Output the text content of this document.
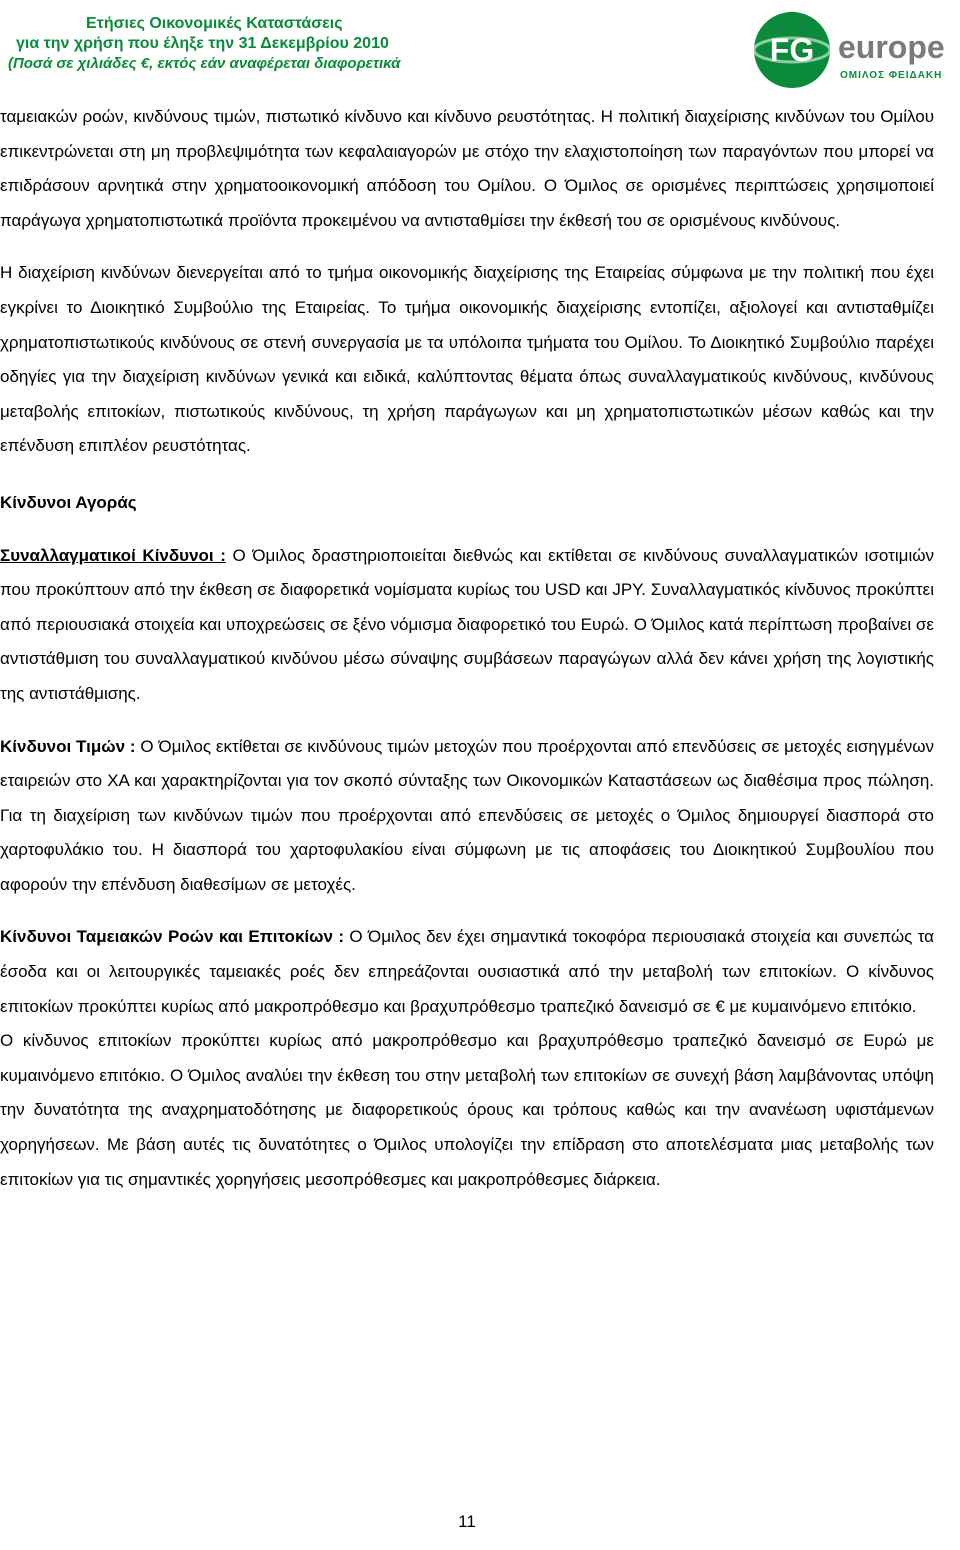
Ετήσιες Οικονομικές Καταστάσεις
για την χρήση που έληξε την 31 Δεκεμβρίου 2010
(Ποσά σε χιλιάδες €, εκτός εάν αναφέρεται διαφορετικά	FG europe
ΟΜΙΛΟΣ ΦΕΙΔΑΚΗ

ταμειακών ροών, κινδύνους τιμών, πιστωτικό κίνδυνο και κίνδυνο ρευστότητας. Η πολιτική διαχείρισης κινδύνων του Ομίλου επικεντρώνεται στη μη προβλεψιμότητα των κεφαλαιαγορών με στόχο την ελαχιστοποίηση των παραγόντων που μπορεί να επιδράσουν αρνητικά στην χρηματοοικονομική απόδοση του Ομίλου. Ο Όμιλος σε ορισμένες περιπτώσεις χρησιμοποιεί παράγωγα χρηματοπιστωτικά προϊόντα προκειμένου να αντισταθμίσει την έκθεσή του σε ορισμένους κινδύνους.

Η διαχείριση κινδύνων διενεργείται από το τμήμα οικονομικής διαχείρισης της Εταιρείας σύμφωνα με την πολιτική που έχει εγκρίνει το Διοικητικό Συμβούλιο της Εταιρείας. Το τμήμα οικονομικής διαχείρισης εντοπίζει, αξιολογεί και αντισταθμίζει χρηματοπιστωτικούς κινδύνους σε στενή συνεργασία με τα υπόλοιπα τμήματα του Ομίλου. Το Διοικητικό Συμβούλιο παρέχει οδηγίες για την διαχείριση κινδύνων γενικά και ειδικά, καλύπτοντας θέματα όπως συναλλαγματικούς κινδύνους, κινδύνους μεταβολής επιτοκίων, πιστωτικούς κινδύνους, τη χρήση παράγωγων και μη χρηματοπιστωτικών μέσων καθώς και την επένδυση επιπλέον ρευστότητας.

Κίνδυνοι Αγοράς

Συναλλαγματικοί Κίνδυνοι : Ο Όμιλος δραστηριοποιείται διεθνώς και εκτίθεται σε κινδύνους συναλλαγματικών ισοτιμιών που προκύπτουν από την έκθεση σε διαφορετικά νομίσματα κυρίως του USD και JPY. Συναλλαγματικός κίνδυνος προκύπτει από περιουσιακά στοιχεία και υποχρεώσεις σε ξένο νόμισμα διαφορετικό του Ευρώ. Ο Όμιλος κατά περίπτωση προβαίνει σε αντιστάθμιση του συναλλαγματικού κινδύνου μέσω σύναψης συμβάσεων παραγώγων αλλά δεν κάνει χρήση της λογιστικής της αντιστάθμισης.

Κίνδυνοι Τιμών : Ο Όμιλος εκτίθεται σε κινδύνους τιμών μετοχών που προέρχονται από επενδύσεις σε μετοχές εισηγμένων εταιρειών στο ΧΑ και χαρακτηρίζονται για τον σκοπό σύνταξης των Οικονομικών Καταστάσεων ως διαθέσιμα προς πώληση. Για τη διαχείριση των κινδύνων τιμών που προέρχονται από επενδύσεις σε μετοχές ο Όμιλος δημιουργεί διασπορά στο χαρτοφυλάκιο του. Η διασπορά του χαρτοφυλακίου είναι σύμφωνη με τις αποφάσεις του Διοικητικού Συμβουλίου που αφορούν την επένδυση διαθεσίμων σε μετοχές.

Κίνδυνοι Ταμειακών Ροών και Επιτοκίων : Ο Όμιλος δεν έχει σημαντικά τοκοφόρα περιουσιακά στοιχεία και συνεπώς τα έσοδα και οι λειτουργικές ταμειακές ροές δεν επηρεάζονται ουσιαστικά από την μεταβολή των επιτοκίων. Ο κίνδυνος επιτοκίων προκύπτει κυρίως από μακροπρόθεσμο και βραχυπρόθεσμο τραπεζικό δανεισμό σε € με κυμαινόμενο επιτόκιο.

Ο κίνδυνος επιτοκίων προκύπτει κυρίως από μακροπρόθεσμο και βραχυπρόθεσμο τραπεζικό δανεισμό σε Ευρώ με κυμαινόμενο επιτόκιο. Ο Όμιλος αναλύει την έκθεση του στην μεταβολή των επιτοκίων σε συνεχή βάση λαμβάνοντας υπόψη την δυνατότητα της αναχρηματοδότησης με διαφορετικούς όρους και τρόπους καθώς και την ανανέωση υφιστάμενων χορηγήσεων. Με βάση αυτές τις δυνατότητες ο Όμιλος υπολογίζει την επίδραση στο αποτελέσματα μιας μεταβολής των επιτοκίων για τις σημαντικές χορηγήσεις μεσοπρόθεσμες και μακροπρόθεσμες διάρκεια.

11
